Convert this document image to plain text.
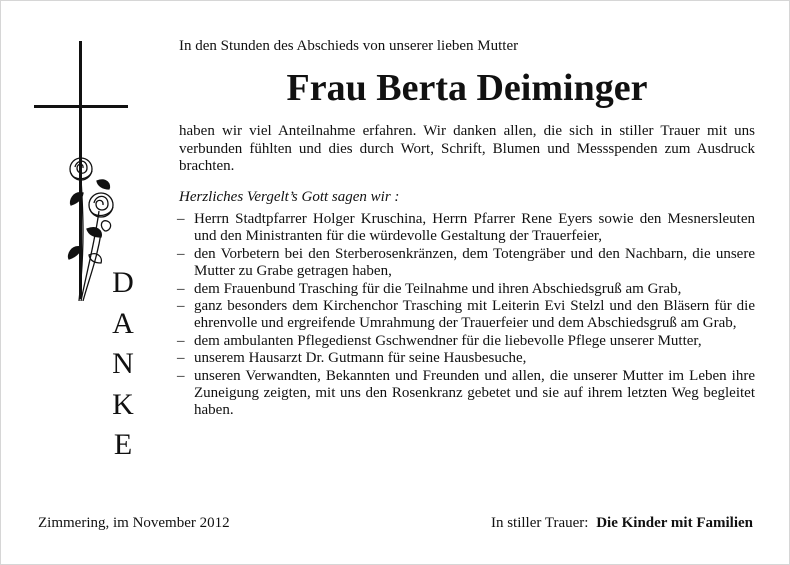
D
A
N
K
E
In den Stunden des Abschieds von unserer lieben Mutter
Frau Berta Deiminger
haben wir viel Anteilnahme erfahren. Wir danken allen, die sich in stiller Trauer mit uns verbunden fühlten und dies durch Wort, Schrift, Blumen und Messspenden zum Ausdruck brachten.
Herzliches Vergelt’s Gott sagen wir :
– Herrn Stadtpfarrer Holger Kruschina, Herrn Pfarrer Rene Eyers sowie den Mesnersleuten und den Ministranten für die würdevolle Gestaltung der Trauerfeier,
– den Vorbetern bei den Sterberosenkränzen, dem Totengräber und den Nachbarn, die unsere Mutter zu Grabe getragen haben,
– dem Frauenbund Trasching für die Teilnahme und ihren Abschiedsgruß am Grab,
– ganz besonders dem Kirchenchor Trasching mit Leiterin Evi Stelzl und den Bläsern für die ehrenvolle und ergreifende Umrahmung der Trauerfeier und dem Abschiedsgruß am Grab,
– dem ambulanten Pflegedienst Gschwendner für die liebevolle Pflege unserer Mutter,
– unserem Hausarzt Dr. Gutmann für seine Hausbesuche,
– unseren Verwandten, Bekannten und Freunden und allen, die unserer Mutter im Leben ihre Zuneigung zeigten, mit uns den Rosenkranz gebetet und sie auf ihrem letzten Weg begleitet haben.
Zimmering, im November 2012	In stiller Trauer: Die Kinder mit Familien
